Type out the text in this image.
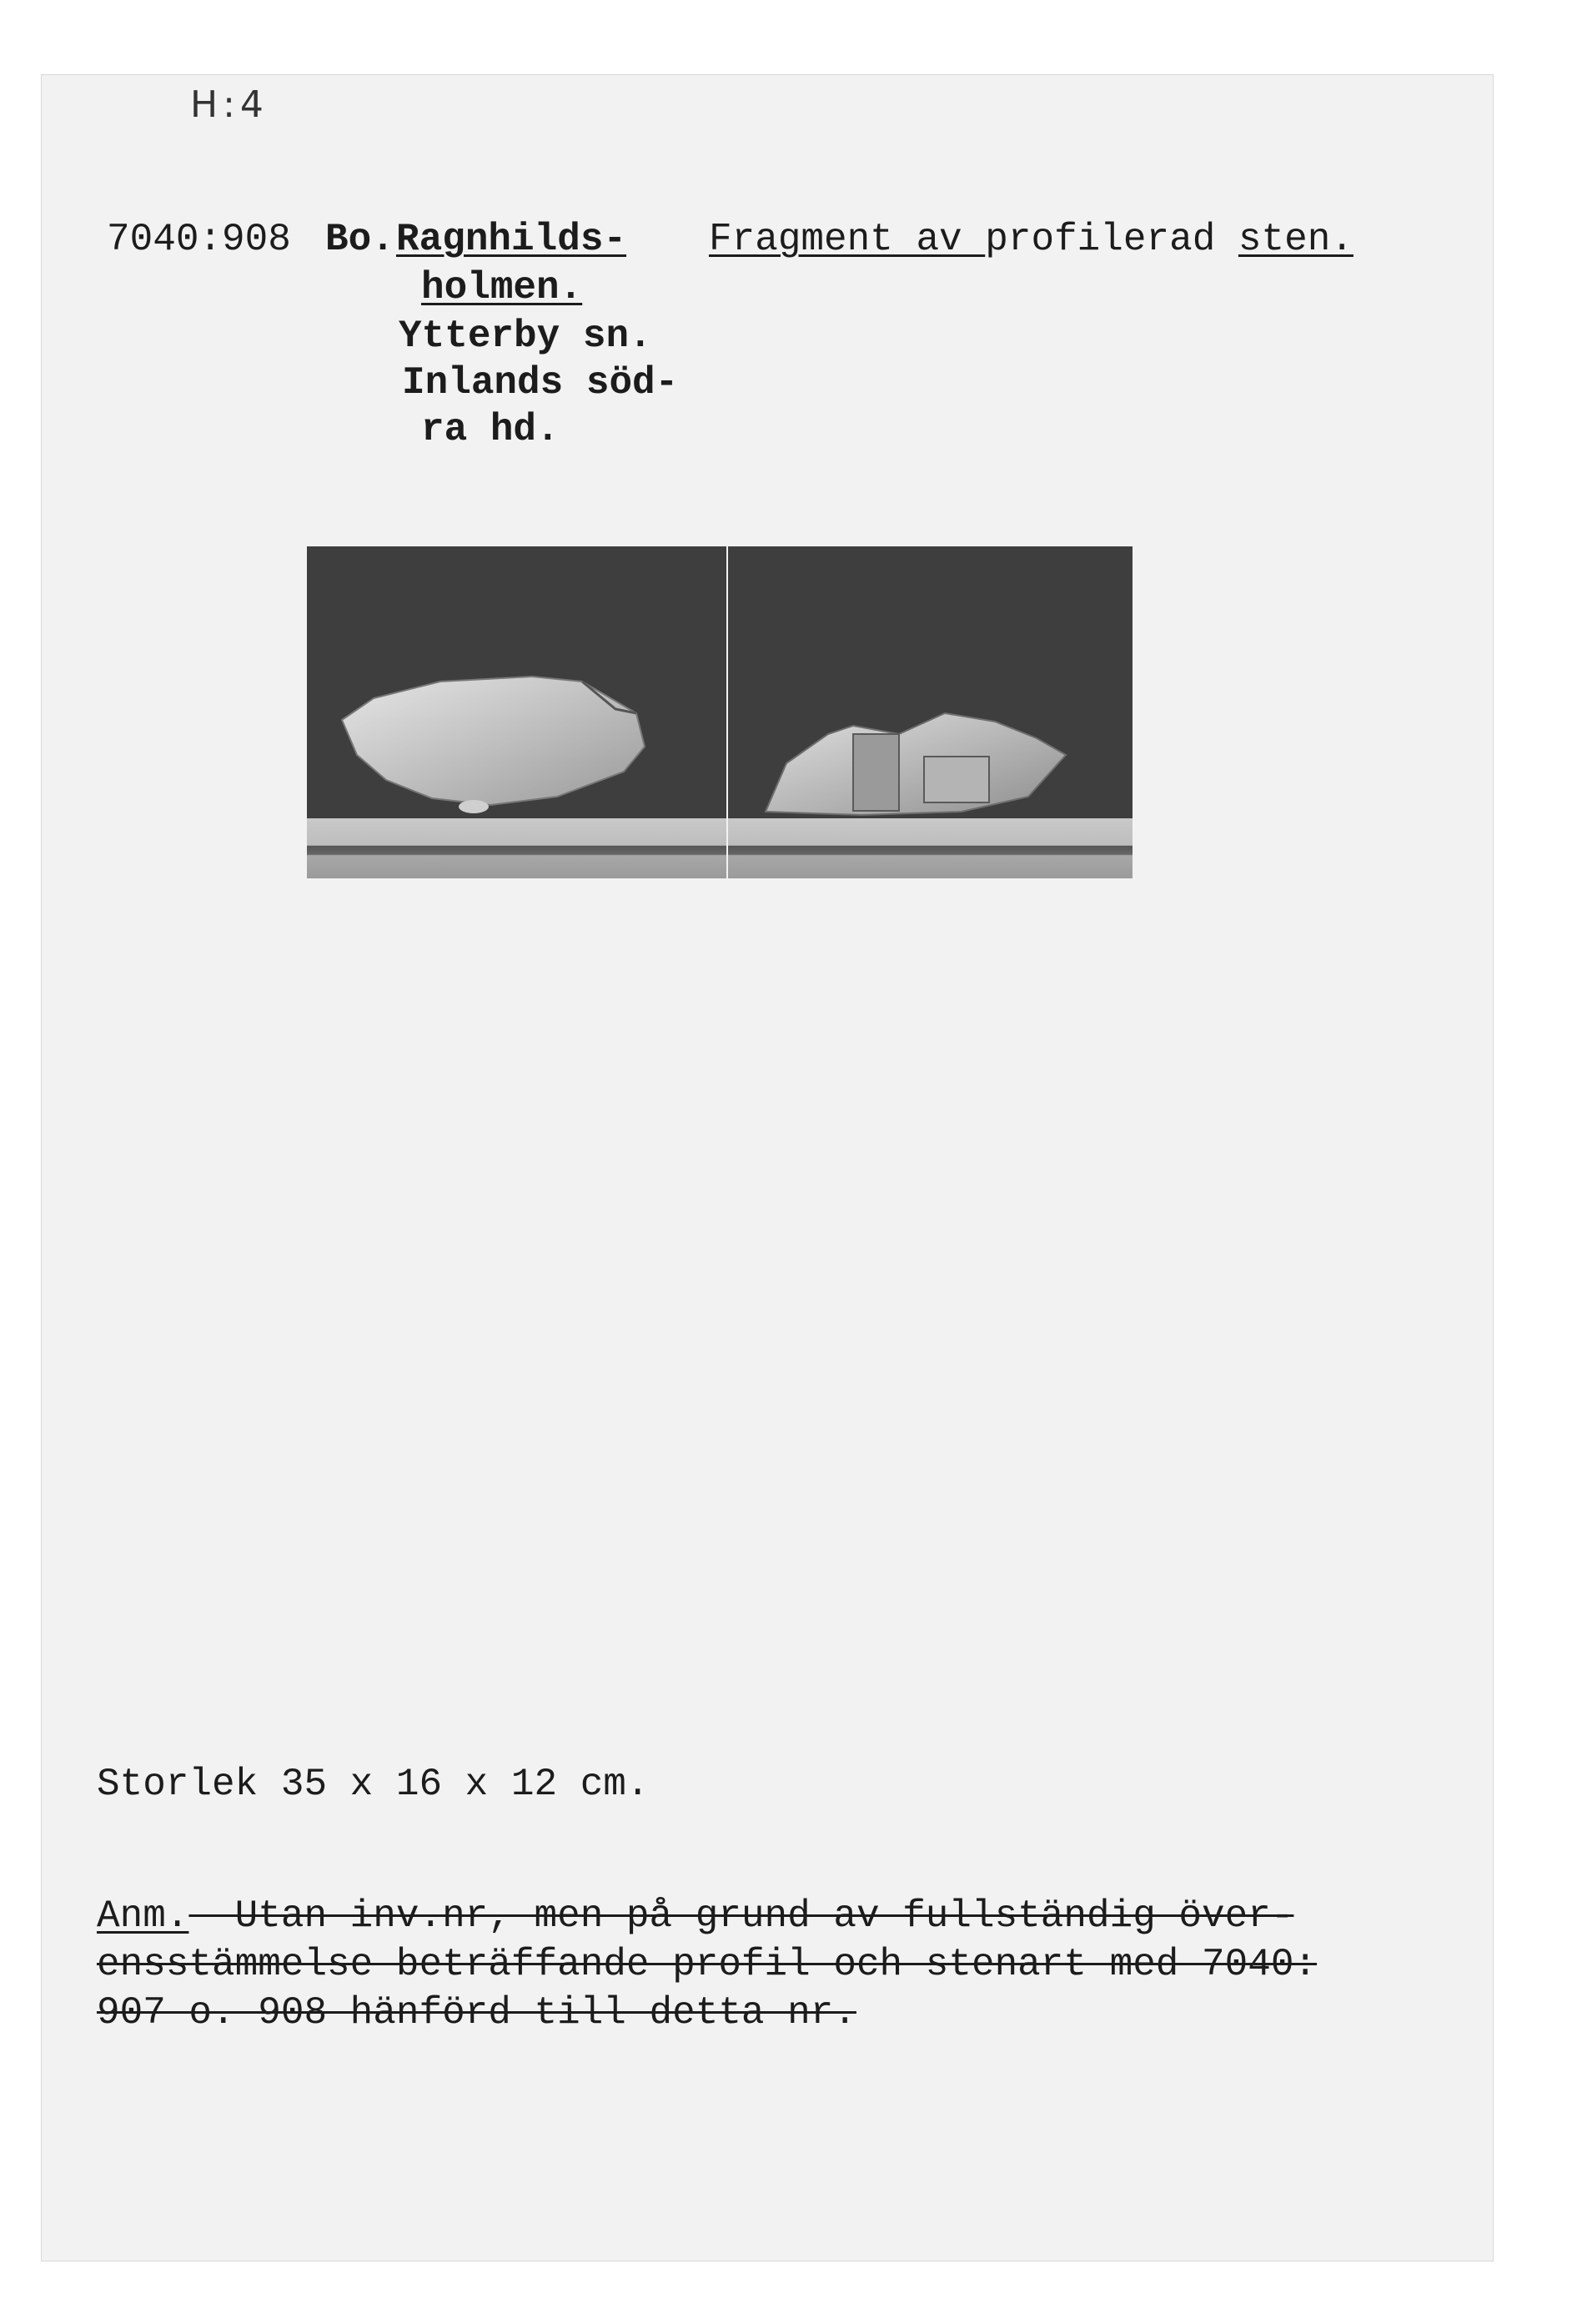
H:4
7040:908 Bo. Ragnhilds-
holmen.
Ytterby sn.
Inlands söd-
ra hd.
Fragment av profilerad sten.
Storlek 35 x 16 x 12 cm.
Anm.  Utan inv.nr, men på grund av fullständig över-
ensstämmelse beträffande profil och stenart med 7040:
907 o. 908 hänförd till detta nr.
